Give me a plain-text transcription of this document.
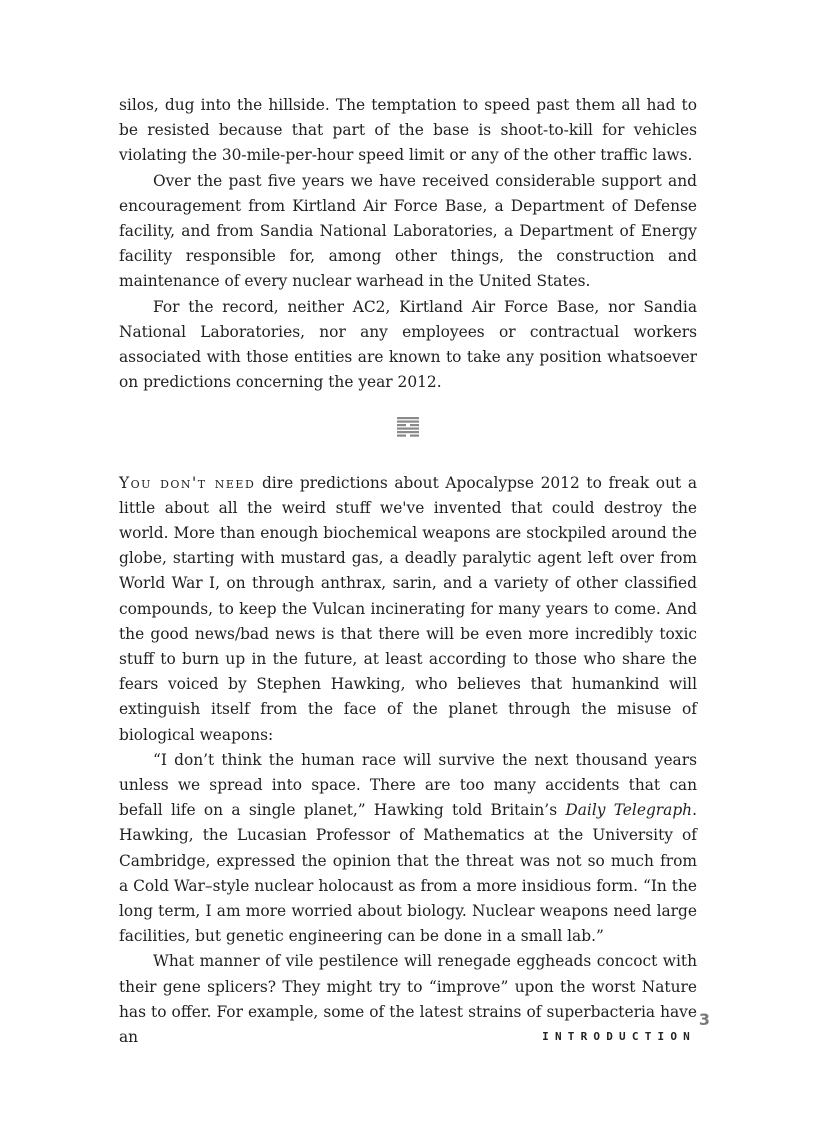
silos, dug into the hillside. The temptation to speed past them all had to be resisted because that part of the base is shoot-to-kill for vehicles violating the 30-mile-per-hour speed limit or any of the other traffic laws.

Over the past five years we have received considerable support and encouragement from Kirtland Air Force Base, a Department of Defense facility, and from Sandia National Laboratories, a Department of Energy facility responsible for, among other things, the construction and maintenance of every nuclear warhead in the United States.

For the record, neither AC2, Kirtland Air Force Base, nor Sandia National Laboratories, nor any employees or contractual workers associated with those entities are known to take any position whatsoever on predictions concerning the year 2012.

You don't need dire predictions about Apocalypse 2012 to freak out a little about all the weird stuff we've invented that could destroy the world. More than enough biochemical weapons are stockpiled around the globe, starting with mustard gas, a deadly paralytic agent left over from World War I, on through anthrax, sarin, and a variety of other classified compounds, to keep the Vulcan incinerating for many years to come. And the good news/bad news is that there will be even more incredibly toxic stuff to burn up in the future, at least according to those who share the fears voiced by Stephen Hawking, who believes that humankind will extinguish itself from the face of the planet through the misuse of biological weapons:

“I don’t think the human race will survive the next thousand years unless we spread into space. There are too many accidents that can befall life on a single planet,” Hawking told Britain’s Daily Telegraph. Hawking, the Lucasian Professor of Mathematics at the University of Cambridge, expressed the opinion that the threat was not so much from a Cold War–style nuclear holocaust as from a more insidious form. “In the long term, I am more worried about biology. Nuclear weapons need large facilities, but genetic engineering can be done in a small lab.”

What manner of vile pestilence will renegade eggheads concoct with their gene splicers? They might try to “improve” upon the worst Nature has to offer. For example, some of the latest strains of superbacteria have an

3
INTRODUCTION
